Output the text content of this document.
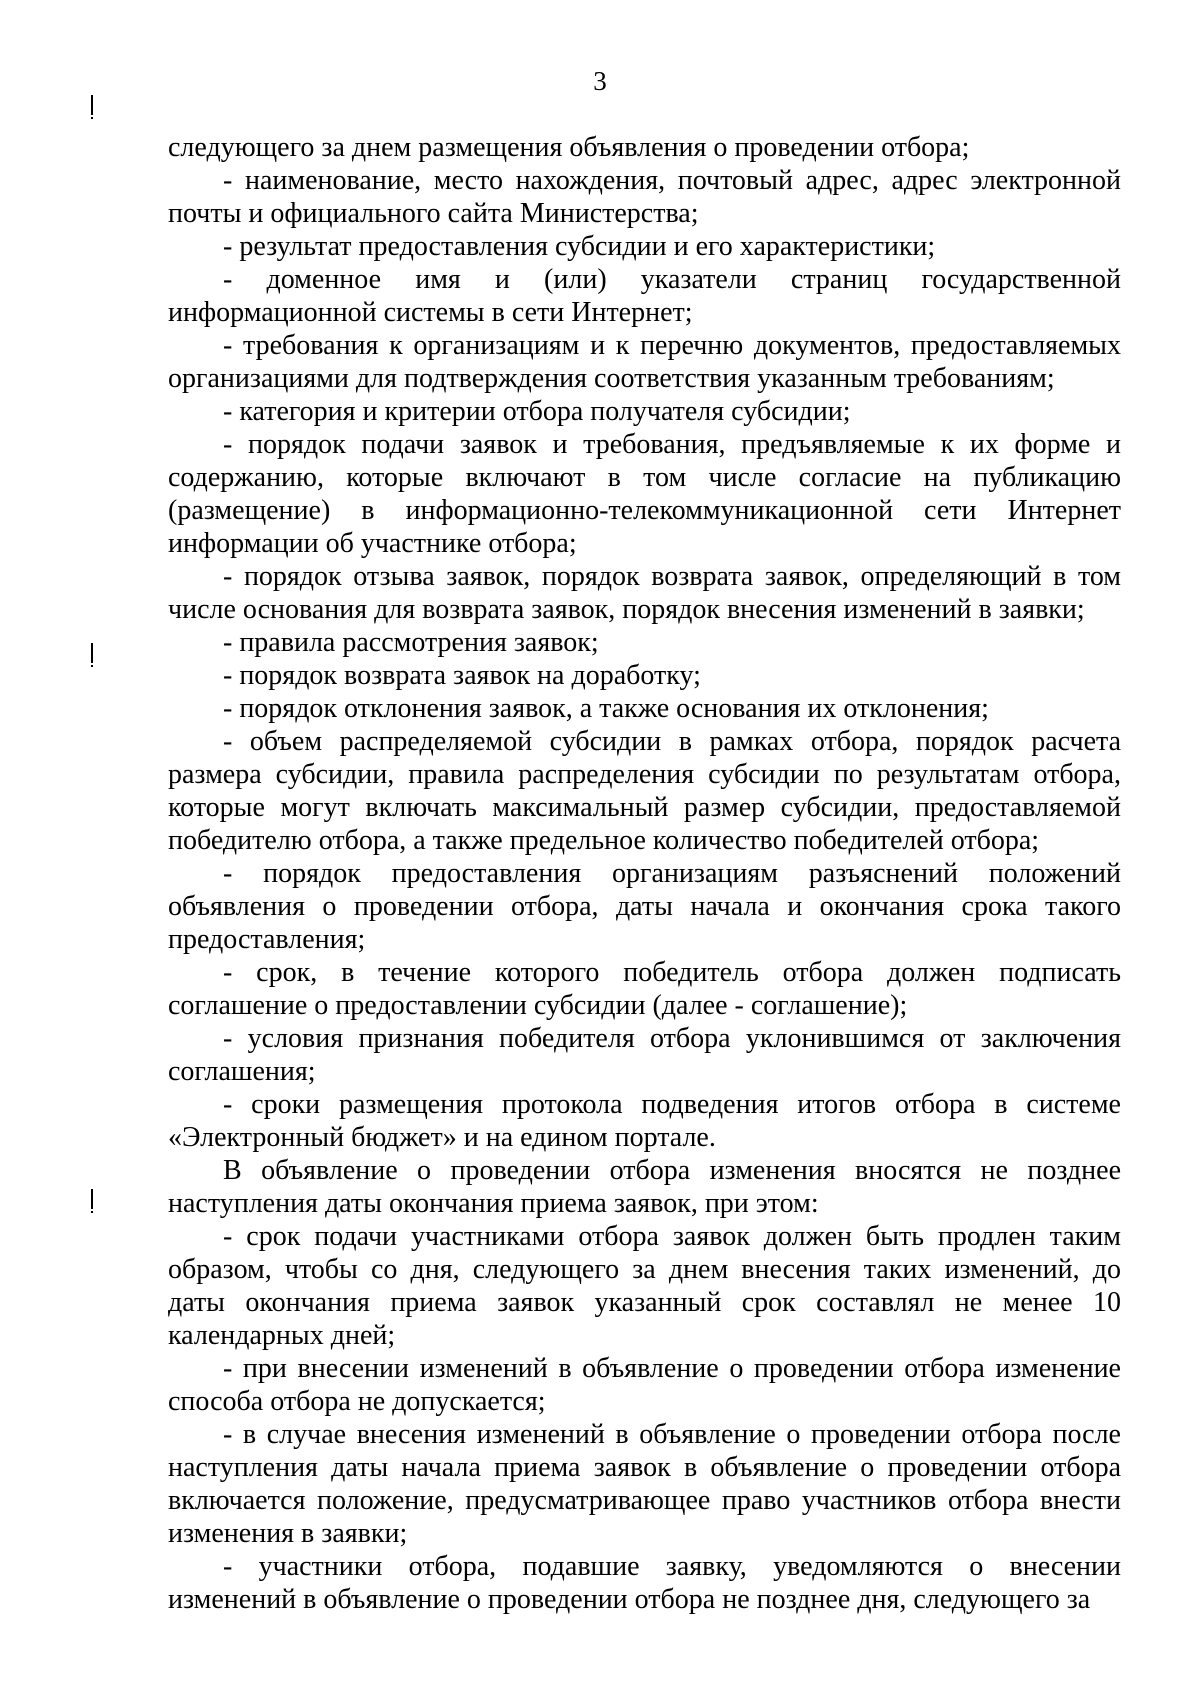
3

следующего за днем размещения объявления о проведении отбора;

- наименование, место нахождения, почтовый адрес, адрес электронной почты и официального сайта Министерства;

- результат предоставления субсидии и его характеристики;

- доменное имя и (или) указатели страниц государственной информационной системы в сети Интернет;

- требования к организациям и к перечню документов, предоставляемых организациями для подтверждения соответствия указанным требованиям;

- категория и критерии отбора получателя субсидии;

- порядок подачи заявок и требования, предъявляемые к их форме и содержанию, которые включают в том числе согласие на публикацию (размещение) в информационно-телекоммуникационной сети Интернет информации об участнике отбора;

- порядок отзыва заявок, порядок возврата заявок, определяющий в том числе основания для возврата заявок, порядок внесения изменений в заявки;

- правила рассмотрения заявок;

- порядок возврата заявок на доработку;

- порядок отклонения заявок, а также основания их отклонения;

- объем распределяемой субсидии в рамках отбора, порядок расчета размера субсидии, правила распределения субсидии по результатам отбора, которые могут включать максимальный размер субсидии, предоставляемой победителю отбора, а также предельное количество победителей отбора;

- порядок предоставления организациям разъяснений положений объявления о проведении отбора, даты начала и окончания срока такого предоставления;

- срок, в течение которого победитель отбора должен подписать соглашение о предоставлении субсидии (далее - соглашение);

- условия признания победителя отбора уклонившимся от заключения соглашения;

- сроки размещения протокола подведения итогов отбора в системе «Электронный бюджет» и на едином портале.

В объявление о проведении отбора изменения вносятся не позднее наступления даты окончания приема заявок, при этом:

- срок подачи участниками отбора заявок должен быть продлен таким образом, чтобы со дня, следующего за днем внесения таких изменений, до даты окончания приема заявок указанный срок составлял не менее 10 календарных дней;

- при внесении изменений в объявление о проведении отбора изменение способа отбора не допускается;

- в случае внесения изменений в объявление о проведении отбора после наступления даты начала приема заявок в объявление о проведении отбора включается положение, предусматривающее право участников отбора внести изменения в заявки;

- участники отбора, подавшие заявку, уведомляются о внесении изменений в объявление о проведении отбора не позднее дня, следующего за
